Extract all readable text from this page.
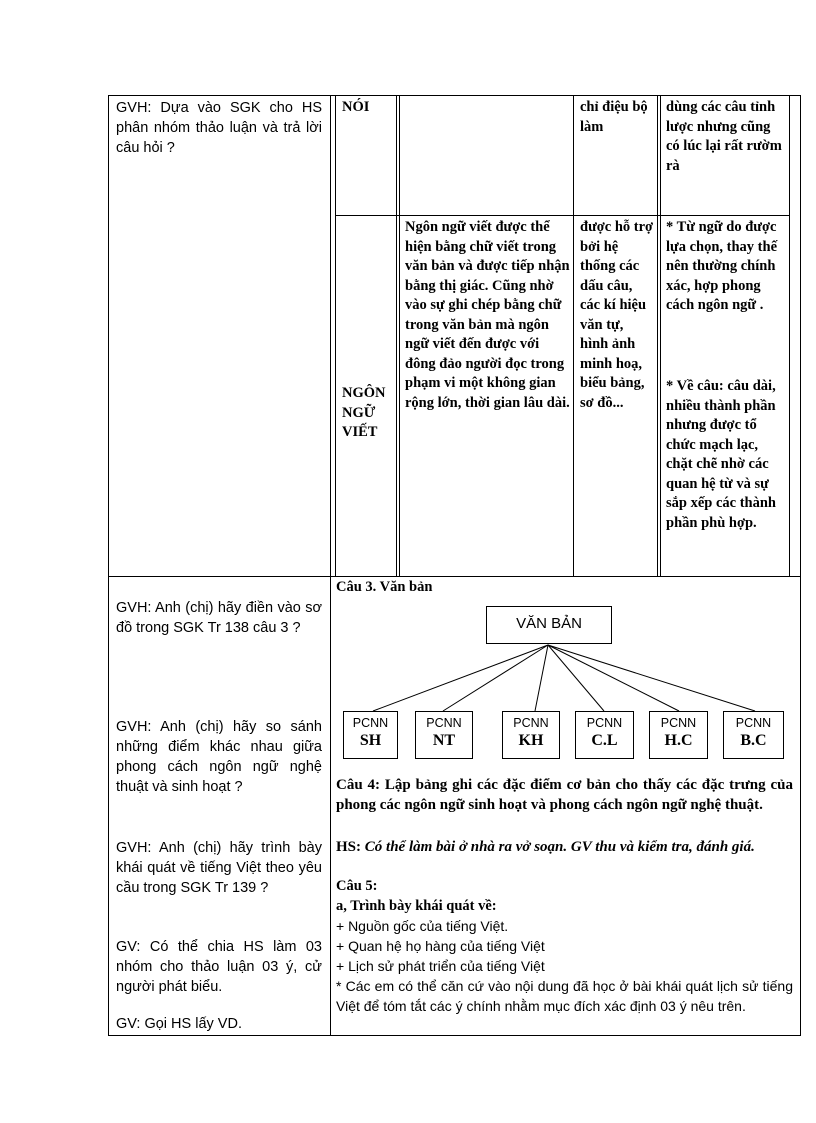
GVH: Dựa vào SGK cho HS phân nhóm thảo luận và trả lời câu hỏi ?
GVH: Anh (chị) hãy điền vào sơ đồ trong SGK Tr 138 câu 3 ?
GVH: Anh (chị) hãy so sánh những điểm khác nhau giữa phong cách ngôn ngữ nghệ thuật và sinh hoạt ?
GVH: Anh (chị) hãy trình bày khái quát về tiếng Việt theo yêu cầu trong SGK Tr 139 ?
GV: Có thể chia HS làm 03 nhóm cho thảo luận 03 ý, cử người phát biểu.
GV: Gọi HS lấy VD.
NÓI	chỉ điệu bộ làm
dùng các câu tỉnh lược nhưng cũng có lúc lại rất rườm rà
NGÔN NGỮ VIẾT
Ngôn ngữ viết được thể hiện bằng chữ viết trong văn bản và được tiếp nhận bằng thị giác. Cũng nhờ vào sự ghi chép bằng chữ trong văn bản mà ngôn ngữ viết đến được với đông đảo người đọc trong phạm vi một không gian rộng lớn, thời gian lâu dài.
được hỗ trợ bởi hệ thống các dấu câu, các kí hiệu văn tự, hình ảnh minh hoạ, biểu bảng, sơ đồ...
* Từ ngữ do được lựa chọn, thay thế nên thường chính xác, hợp phong cách ngôn ngữ .
* Về câu: câu dài, nhiều thành phần nhưng được tổ chức mạch lạc, chặt chẽ nhờ các quan hệ từ và sự sắp xếp các thành phần phù hợp.
Câu 3. Văn bản
VĂN BẢN
PCNN
SH
PCNN
NT
PCNN
KH
PCNN
C.L
PCNN
H.C
PCNN
B.C
Câu 4: Lập bảng ghi các đặc điểm cơ bản cho thấy các đặc trưng của phong các ngôn ngữ sinh hoạt và phong cách ngôn ngữ nghệ thuật.
HS: Có thể làm bài ở nhà ra vở soạn. GV thu và kiểm tra, đánh giá.
Câu 5:
a, Trình bày khái quát về:
+ Nguồn gốc của tiếng Việt.
+ Quan hệ họ hàng của tiếng Việt
+ Lịch sử phát triển của tiếng Việt
* Các em có thể căn cứ vào nội dung đã học ở bài khái quát lịch sử tiếng Việt để tóm tắt các ý chính nhằm mục đích xác định 03 ý nêu trên.
